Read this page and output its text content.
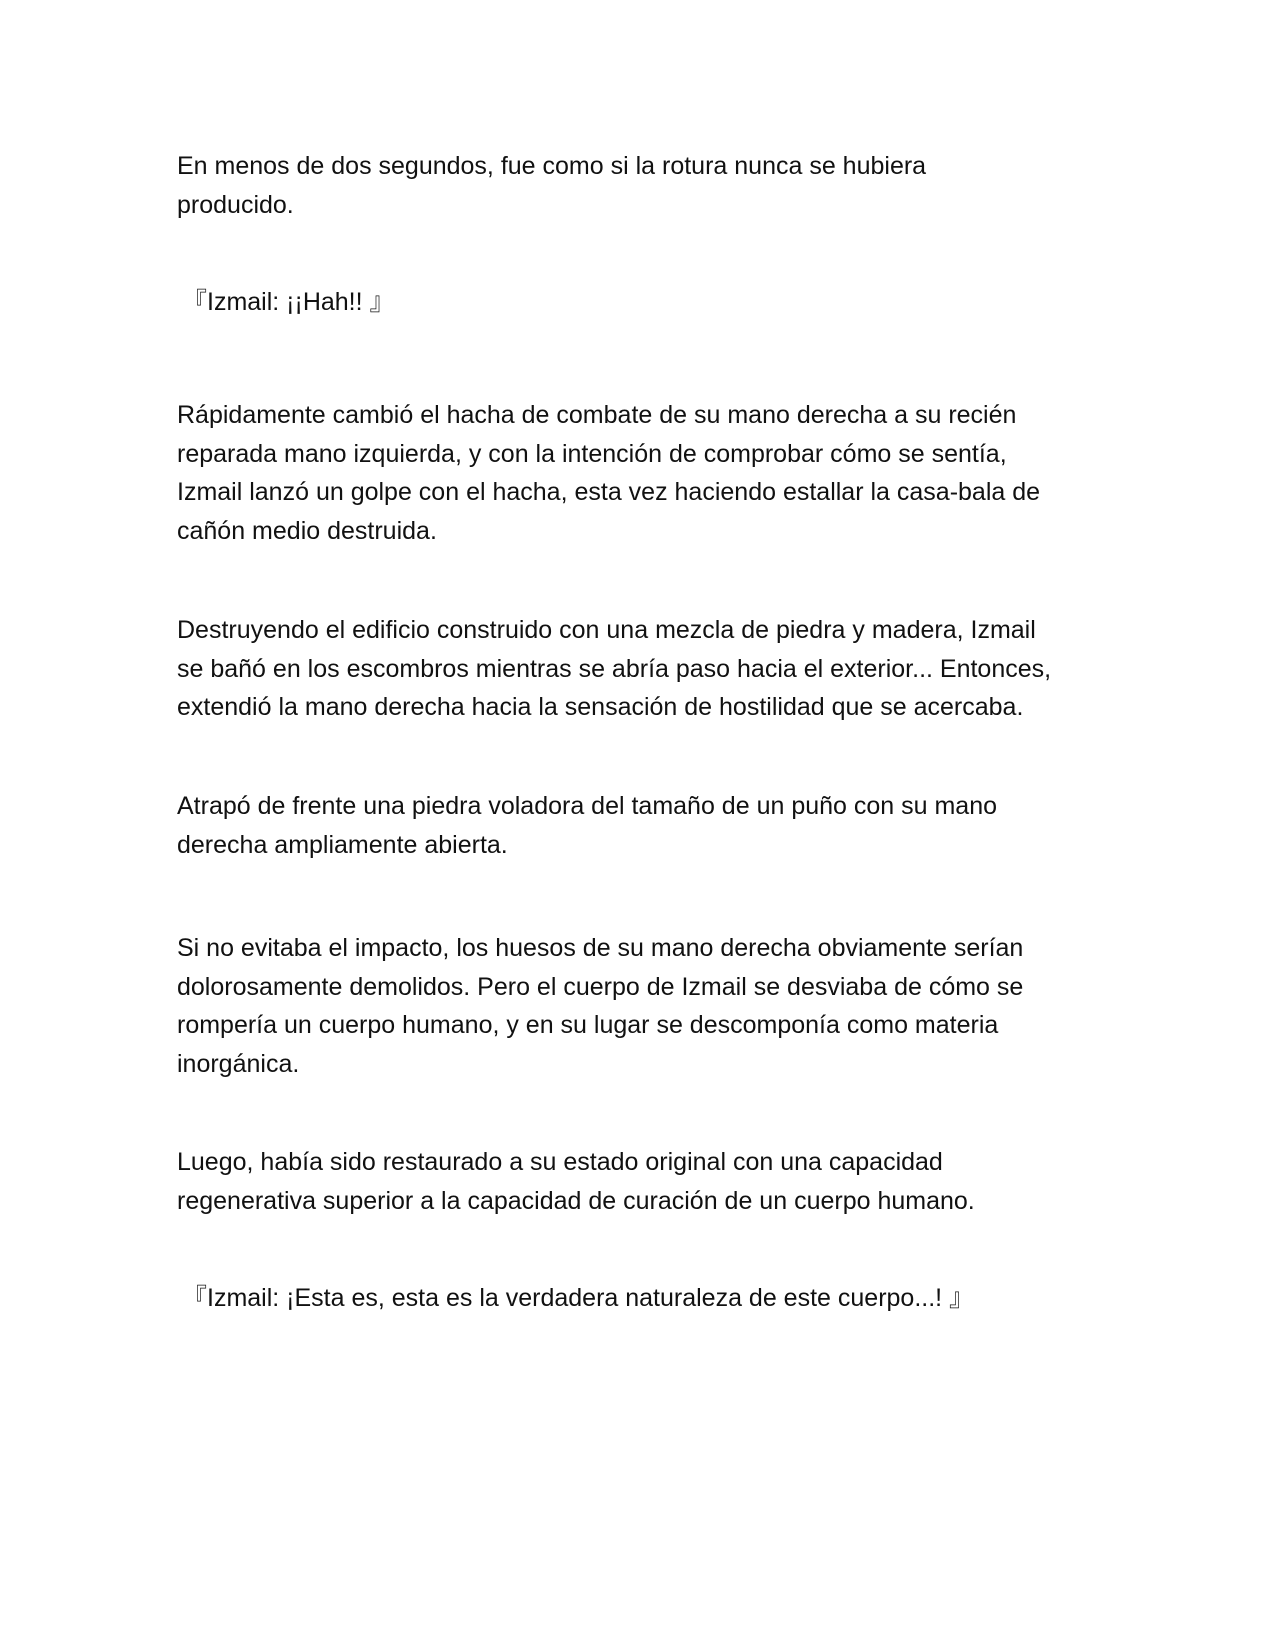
En menos de dos segundos, fue como si la rotura nunca se hubiera
producido.

『Izmail: ¡¡Hah!! 』

Rápidamente cambió el hacha de combate de su mano derecha a su recién
reparada mano izquierda, y con la intención de comprobar cómo se sentía,
Izmail lanzó un golpe con el hacha, esta vez haciendo estallar la casa-bala de
cañón medio destruida.

Destruyendo el edificio construido con una mezcla de piedra y madera, Izmail
se bañó en los escombros mientras se abría paso hacia el exterior... Entonces,
extendió la mano derecha hacia la sensación de hostilidad que se acercaba.

Atrapó de frente una piedra voladora del tamaño de un puño con su mano
derecha ampliamente abierta.

Si no evitaba el impacto, los huesos de su mano derecha obviamente serían
dolorosamente demolidos. Pero el cuerpo de Izmail se desviaba de cómo se
rompería un cuerpo humano, y en su lugar se descomponía como materia
inorgánica.

Luego, había sido restaurado a su estado original con una capacidad
regenerativa superior a la capacidad de curación de un cuerpo humano.

『Izmail: ¡Esta es, esta es la verdadera naturaleza de este cuerpo...! 』
